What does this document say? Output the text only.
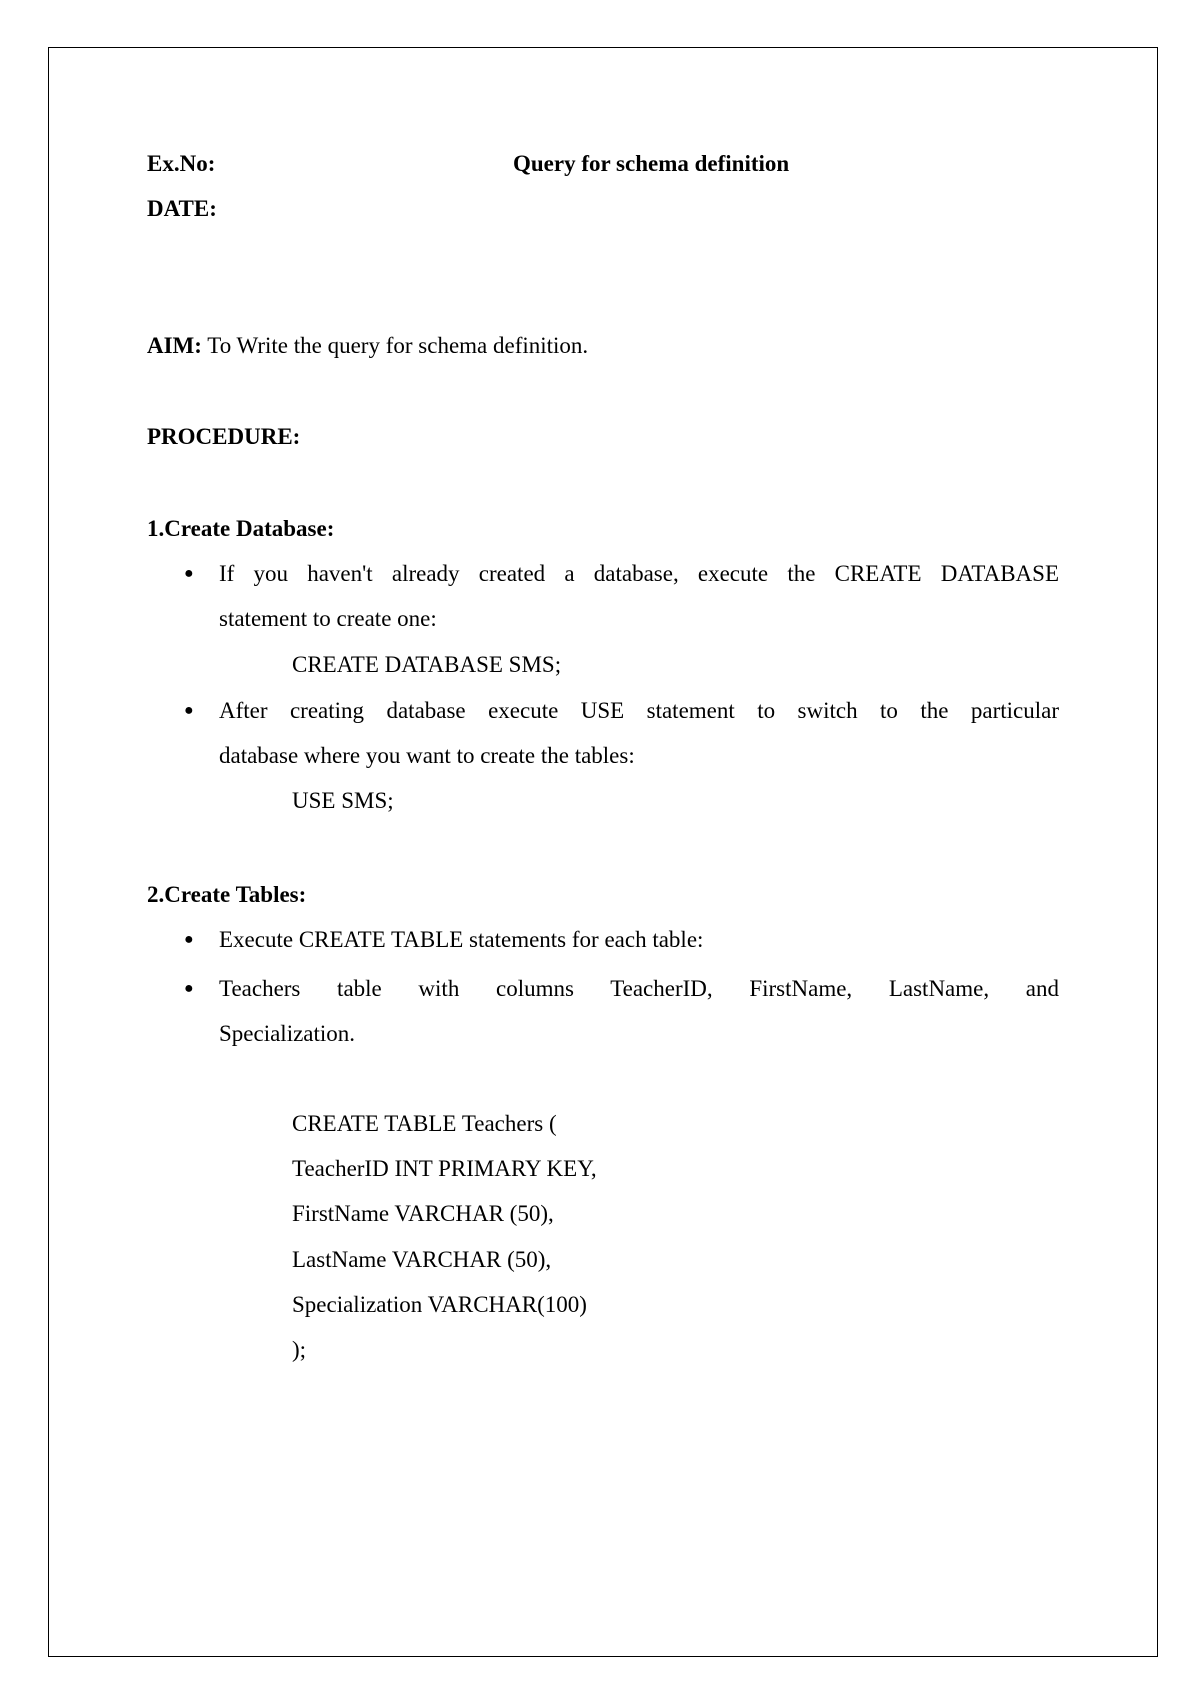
Ex.No:	Query for schema definition
DATE:
AIM: To Write the query for schema definition.
PROCEDURE:
1.Create Database:
● If you haven't already created a database, execute the CREATE DATABASE
statement to create one:
CREATE DATABASE SMS;
● After creating database execute USE statement to switch to the particular
database where you want to create the tables:
USE SMS;
2.Create Tables:
● Execute CREATE TABLE statements for each table:
● Teachers table with columns TeacherID, FirstName, LastName, and
Specialization.
CREATE TABLE Teachers (
TeacherID INT PRIMARY KEY,
FirstName VARCHAR (50),
LastName VARCHAR (50),
Specialization VARCHAR(100)
);
